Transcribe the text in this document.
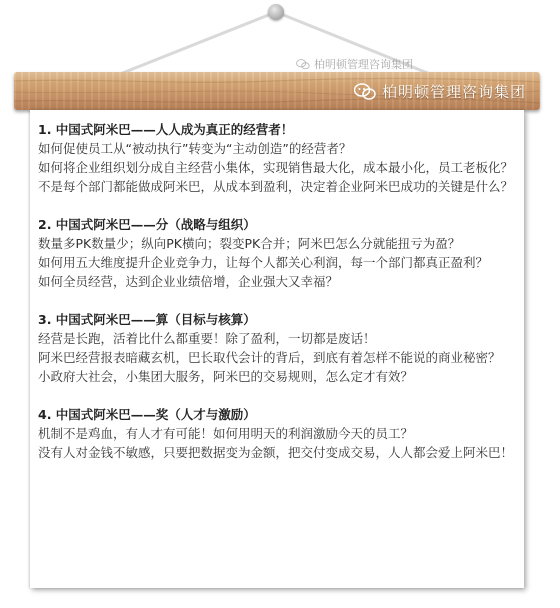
柏明顿管理咨询集团
柏明顿管理咨询集团

1. 中国式阿米巴——人人成为真正的经营者！

如何促使员工从“被动执行”转变为“主动创造”的经营者？

如何将企业组织划分成自主经营小集体，实现销售最大化，成本最小化，员工老板化？

不是每个部门都能做成阿米巴，从成本到盈利，决定着企业阿米巴成功的关键是什么？

2. 中国式阿米巴——分（战略与组织）

数量多PK数量少；纵向PK横向；裂变PK合并；阿米巴怎么分就能扭亏为盈？

如何用五大维度提升企业竞争力，让每个人都关心利润，每一个部门都真正盈利？

如何全员经营，达到企业业绩倍增，企业强大又幸福？

3. 中国式阿米巴——算（目标与核算）

经营是长跑，活着比什么都重要！除了盈利，一切都是废话！

阿米巴经营报表暗藏玄机，巴长取代会计的背后，到底有着怎样不能说的商业秘密？

小政府大社会，小集团大服务，阿米巴的交易规则，怎么定才有效？

4. 中国式阿米巴——奖（人才与激励）

机制不是鸡血，有人才有可能！如何用明天的利润激励今天的员工？

没有人对金钱不敏感，只要把数据变为金额，把交付变成交易，人人都会爱上阿米巴！
